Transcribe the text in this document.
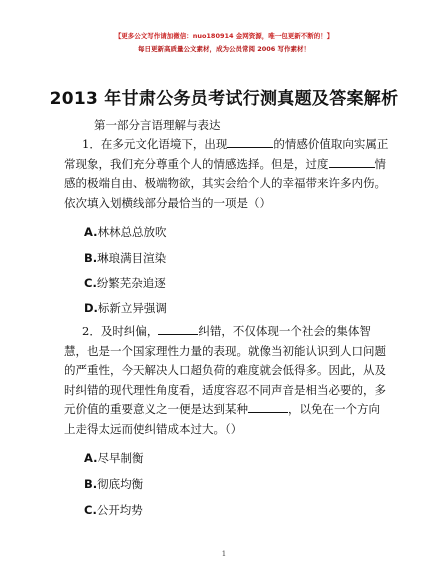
【更多公文写作请加微信：nuo180914 金网资源，唯一包更新不断的！】
每日更新高质量公文素材，成为公员常阅 2006 写作素材！
2013 年甘肃公务员考试行测真题及答案解析
第一部分言语理解与表达
1．在多元文化语境下，出现	的情感价值取向实属正常现象，我们充分尊重个人的情感选择。但是，过度	情感的极端自由、极端物欲，其实会给个人的幸福带来许多内伤。依次填入划横线部分最恰当的一项是（）
A.林林总总放吹
B.琳琅满目渲染
C.纷繁芜杂追逐
D.标新立异强调
2．及时纠偏，	纠错，不仅体现一个社会的集体智慧，也是一个国家理性力量的表现。就像当初能认识到人口问题的严重性，今天解决人口超负荷的难度就会低得多。因此，从及时纠错的现代理性角度看，适度容忍不同声音是相当必要的，多元价值的重要意义之一便是达到某种	，以免在一个方向上走得太远而使纠错成本过大。（）
A.尽早制衡
B.彻底均衡
C.公开均势
1
